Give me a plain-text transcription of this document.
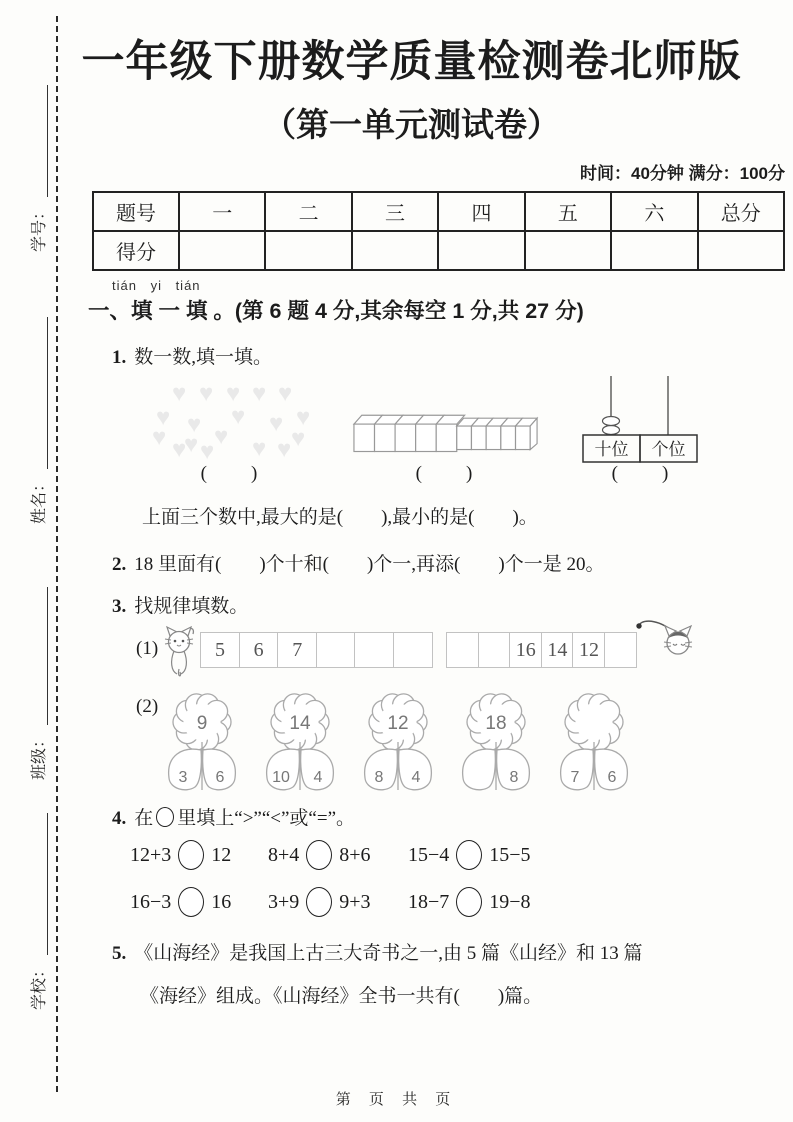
学号：
姓名：
班级：
学校：
一年级下册数学质量检测卷北师版
（第一单元测试卷）
时间：40分钟 满分：100分
题号	一	二	三	四	五	六	总分
得分							
tián yi tián
一、填 一 填 。(第 6 题 4 分,其余每空 1 分,共 27 分)
1. 数一数,填一填。
♥ ♥ ♥ ♥ ♥
♥ ♥ ♥ ♥ ♥
♥ ♥ ♥	♥
♥ ♥ ♥ ♥	十位 个位
(　　)	(　　)	(　　)
上面三个数中,最大的是(　　),最小的是(　　)。
2. 18 里面有(　　)个十和(　　)个一,再添(　　)个一是 20。
3. 找规律填数。
(1)	5	6	7	16 14 12
(2)
9
3 6
14
10 4
12
8 4
18
8	7 6
4. 在 里填上“>”“<”或“=”。
12+3 12 8+4 8+6 15−4 15−5
16−3 16 3+9 9+3 18−7 19−8
5. 《山海经》是我国上古三大奇书之一,由 5 篇《山经》和 13 篇
《海经》组成。《山海经》全书一共有(　　)篇。
第 页 共 页
